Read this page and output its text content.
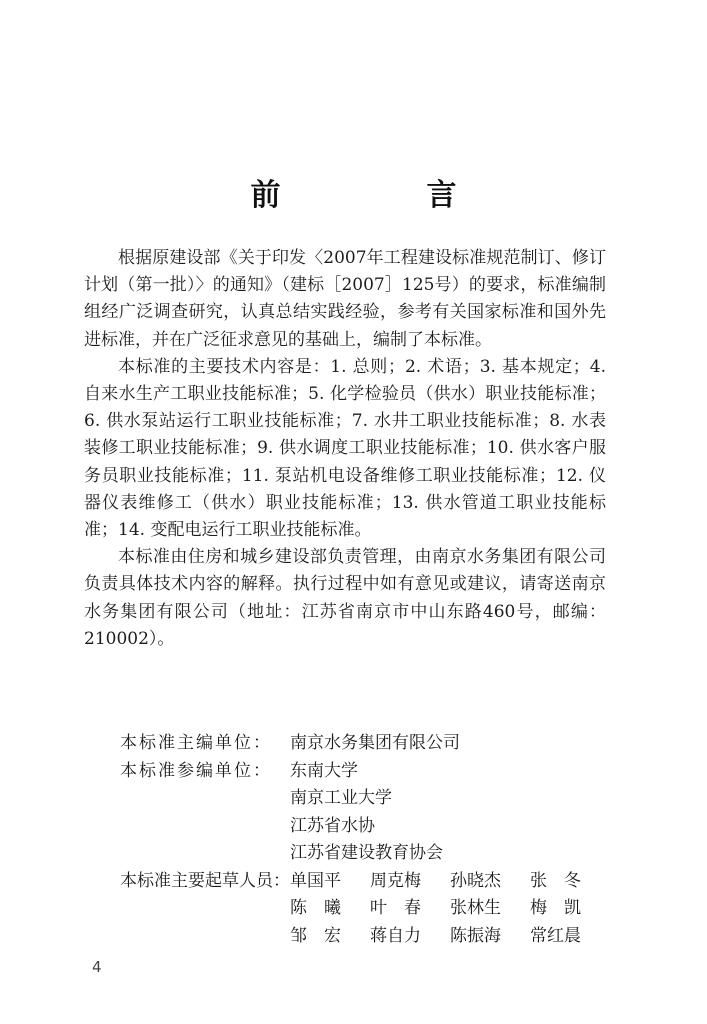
前　言

根据原建设部《关于印发〈2007年工程建设标准规范制订、修订计划（第一批）〉的通知》（建标［2007］125号）的要求，标准编制组经广泛调查研究，认真总结实践经验，参考有关国家标准和国外先进标准，并在广泛征求意见的基础上，编制了本标准。

本标准的主要技术内容是：1. 总则；2. 术语；3. 基本规定；4. 自来水生产工职业技能标准；5. 化学检验员（供水）职业技能标准；6. 供水泵站运行工职业技能标准；7. 水井工职业技能标准；8. 水表装修工职业技能标准；9. 供水调度工职业技能标准；10. 供水客户服务员职业技能标准；11. 泵站机电设备维修工职业技能标准；12. 仪器仪表维修工（供水）职业技能标准；13. 供水管道工职业技能标准；14. 变配电运行工职业技能标准。

本标准由住房和城乡建设部负责管理，由南京水务集团有限公司负责具体技术内容的解释。执行过程中如有意见或建议，请寄送南京水务集团有限公司（地址：江苏省南京市中山东路460号，邮编：210002）。

本标准主编单位：	南京水务集团有限公司
本标准参编单位：	东南大学
南京工业大学
江苏省水协
江苏省建设教育协会
本标准主要起草人员： 单国平	周克梅	孙晓杰	张　冬
陈　曦	叶　春	张林生	梅　凯
邹　宏	蒋自力	陈振海	常红晨
4
